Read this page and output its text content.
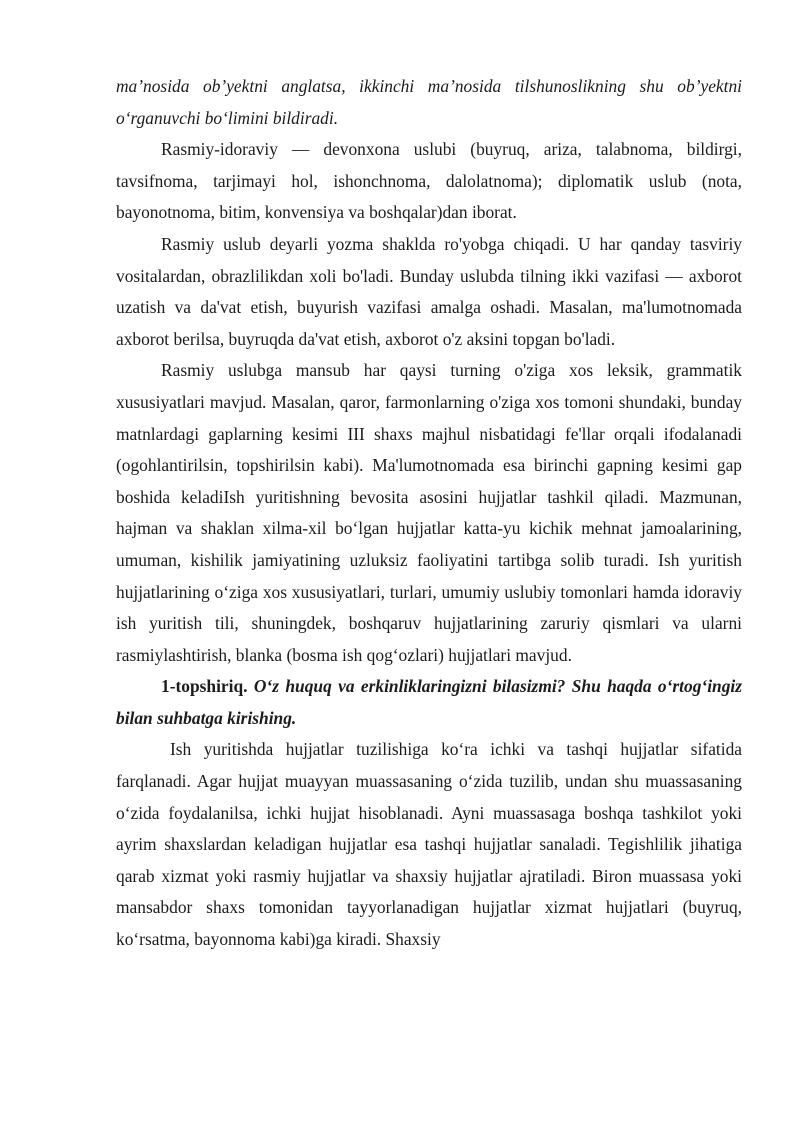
ma’nosida ob’yektni anglatsa, ikkinchi ma’nosida tilshunoslikning shu ob’yektni o‘rganuvchi bo‘limini bildiradi.

Rasmiy-idoraviy — devonxona uslubi (buyruq, ariza, talabnoma, bildirgi, tavsifnoma, tarjimayi hol, ishonchnoma, dalolatnoma); diplomatik uslub (nota, bayonotnoma, bitim, konvensiya va boshqalar)dan iborat.

Rasmiy uslub deyarli yozma shaklda ro'yobga chiqadi. U har qanday tasviriy vositalardan, obrazlilikdan xoli bo'ladi. Bunday uslubda tilning ikki vazifasi — axborot uzatish va da'vat etish, buyurish vazifasi amalga oshadi. Masalan, ma'lumotnomada axborot berilsa, buyruqda da'vat etish, axborot o'z aksini topgan bo'ladi.

Rasmiy uslubga mansub har qaysi turning o'ziga xos leksik, grammatik xususiyatlari mavjud. Masalan, qaror, farmonlarning o'ziga xos tomoni shundaki, bunday matnlardagi gaplarning kesimi III shaxs majhul nisbatidagi fe'llar orqali ifodalanadi (ogohlantirilsin, topshirilsin kabi). Ma'lumotnomada esa birinchi gapning kesimi gap boshida keladiIsh yuritishning bevosita asosini hujjatlar tashkil qiladi. Mazmunan, hajman va shaklan xilma-xil bo‘lgan hujjatlar katta-yu kichik mehnat jamoalarining, umuman, kishilik jamiyatining uzluksiz faoliyatini tartibga solib turadi. Ish yuritish hujjatlarining o‘ziga xos xususiyatlari, turlari, umumiy uslubiy tomonlari hamda idoraviy ish yuritish tili, shuningdek, boshqaruv hujjatlarining zaruriy qismlari va ularni rasmiylashtirish, blanka (bosma ish qog‘ozlari) hujjatlari mavjud.

1-topshiriq. O‘z huquq va erkinliklaringizni bilasizmi? Shu haqda o‘rtog‘ingiz bilan suhbatga kirishing.

Ish yuritishda hujjatlar tuzilishiga ko‘ra ichki va tashqi hujjatlar sifatida farqlanadi. Agar hujjat muayyan muassasaning o‘zida tuzilib, undan shu muassasaning o‘zida foydalanilsa, ichki hujjat hisoblanadi. Ayni muassasaga boshqa tashkilot yoki ayrim shaxslardan keladigan hujjatlar esa tashqi hujjatlar sanaladi. Tegishlilik jihatiga qarab xizmat yoki rasmiy hujjatlar va shaxsiy hujjatlar ajratiladi. Biron muassasa yoki mansabdor shaxs tomonidan tayyorlanadigan hujjatlar xizmat hujjatlari (buyruq, ko‘rsatma, bayonnoma kabi)ga kiradi. Shaxsiy
